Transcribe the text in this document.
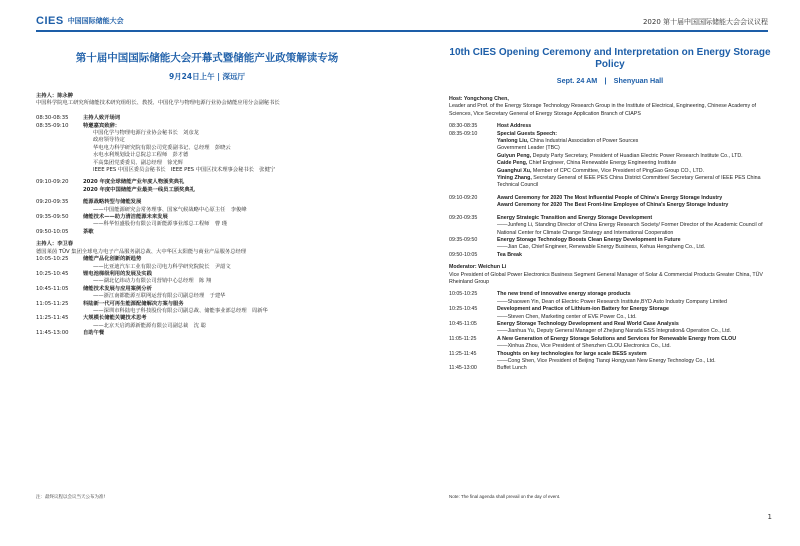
CIES 中国国际储能大会	2020 第十届中国国际储能大会会议议程
第十届中国国际储能大会开幕式暨储能产业政策解读专场
9月24日上午 | 深远厅
主持人：陈永翀
中国科学院电工研究所储能技术研究组组长、教授、中国化学与物理电源行业协会储能应用分会副秘书长
08:30-08:35	主持人致开场词
08:35-09:10	特邀嘉宾致辞：
中国化学与物理电源行业协会秘书长　刘彦龙
政府领导待定
华电电力科学研究院有限公司党委副书记、总经理　彭晓云
水电水利规划设计总院总工程师　彭才德
平高集团党委委员、副总经理　徐光辉
IEEE PES 中国区委员会秘书长　IEEE PES 中国区技术理事会秘书长　张健宁
09:10-09:20	2020 年度全球储能产业年度人物颁奖典礼
2020 年度中国储能产业最美一线员工颁奖典礼
09:20-09:35	能源战略转型与储能发展
——中国能源研究会常务理事、国家气候战略中心原主任　李俊峰
09:35-09:50	储能技术——助力清洁能源未来发展
——科华恒盛股份有限公司新能源事业部总工程师　曹 瑾
09:50-10:05	茶歇
主持人：李卫春
德国莱茵 TÜV 集团全球电力电子产品服务副总裁、大中华区太阳能与商业产品服务总经理
10:05-10:25	储能产品化创新的新趋势
——比亚迪汽车工业有限公司电力科学研究院院长　尹韶文
10:25-10:45	锂电池梯级利用的发展及实践
——湖北亿纬动力有限公司营销中心总经理　陈 翔
10:45-11:05	储能技术发展与应用案例分析
——浙江南都能源互联网运营有限公司副总经理　于建华
11:05-11:25	科陆新一代可再生能源配储解决方案与服务
——深圳市科陆电子科技股份有限公司副总裁、储能事业部总经理　周新华
11:25-11:45	大规模长储能关键技术思考
——北京天启鸿源新能源有限公司副总裁　沈 聪
11:45-13:00	自助午餐
10th CIES Opening Ceremony and Interpretation on Energy Storage Policy
Sept. 24 AM　|　Shenyuan Hall
Host: Yongchong Chen,
Leader and Prof. of the Energy Storage Technology Research Group in the Institute of Electrical, Engineering, Chinese Academy of Sciences, Vice Secretary General of Energy Storage Application Branch of CIAPS
08:30-08:35	Host Address
08:35-09:10	Special Guests Speech:
Yanlong Liu, China Industrial Association of Power Sources
Government Leader (TBC)
Guiyun Peng, Deputy Party Secretary, President of Huadian Electric Power Research Institute Co., LTD.
Caide Peng, Chief Engineer, China Renewable Energy Engineering Institute
Guanghui Xu, Member of CPC Committee, Vice President of PingGao Group CO., LTD.
Yining Zhang, Secretary General of IEEE PES China District Committee/ Secretary General of IEEE PES China Technical Council
09:10-09:20	Award Ceremony for 2020 The Most Influential People of China's Energy Storage Industry
Award Ceremony for 2020 The Best Front-line Employee of China's Energy Storage Industry
09:20-09:35	Energy Strategic Transition and Energy Storage Development
——Junfeng Li, Standing Director of China Energy Research Society/ Former Director of the Academic Council of National Center for Climate Change Strategy and International Cooperation
09:35-09:50	Energy Storage Technology Boosts Clean Energy Development in Future
——Jian Cao, Chief Engineer, Renewable Energy Business, Kehua Hengsheng Co., Ltd.
09:50-10:05	Tea Break
Moderator: Weichun Li
Vice President of Global Power Electronics Business Segment General Manager of Solar & Commercial Products Greater China, TÜV Rheinland Group
10:05-10:25	The new trend of innovative energy storage products
——Shaowen Yin, Dean of Electric Power Research Institute,BYD Auto Industry Company Limited
10:25-10:45	Development and Practice of Lithium-ion Battery for Energy Storage
——Steven Chen, Marketing center of EVE Power Co., Ltd.
10:45-11:05	Energy Storage Technology Development and Real World Case Analysis
——Jianhua Yu, Deputy General Manager of Zhejiang Narada ESS Integration& Operation Co., Ltd.
11:05-11:25	A New Generation of Energy Storage Solutions and Services for Renewable Energy from CLOU
——Xinhua Zhou, Vice President of Shenzhen CLOU Electronics Co., Ltd.
11:25-11:45	Thoughts on key technologies for large scale BESS system
——Cong Shen, Vice President of Beijing Tianqi Hongyuan New Energy Technology Co., Ltd.
11:45-13:00	Buffet Lunch
注：最终议程以会议当天公布为准!	Note: The final agenda shall prevail on the day of event.
1
